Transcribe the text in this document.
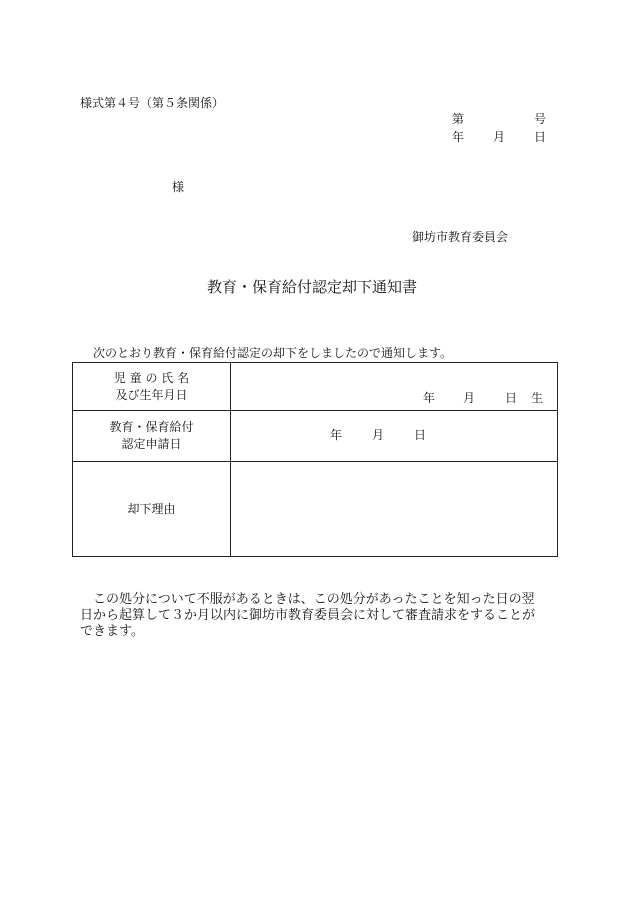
様式第４号（第５条関係）
第	号
年 月 日
様
御坊市教育委員会
教育・保育給付認定却下通知書
次のとおり教育・保育給付認定の却下をしましたので通知します。
児 童 の 氏 名
及び生年月日	年 月 日 生

教育・保育給付
認定申請日	年 月 日

却下理由	

　この処分について不服があるときは、この処分があったことを知った日の翌
日から起算して３か月以内に御坊市教育委員会に対して審査請求をすることが
できます。
